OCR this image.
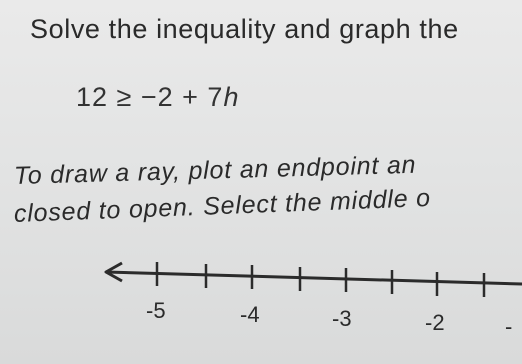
Solve the inequality and graph the
12 ≥ −2 + 7h
To draw a ray, plot an endpoint an
closed to open. Select the middle o
-5	-4	-3	-2	-
